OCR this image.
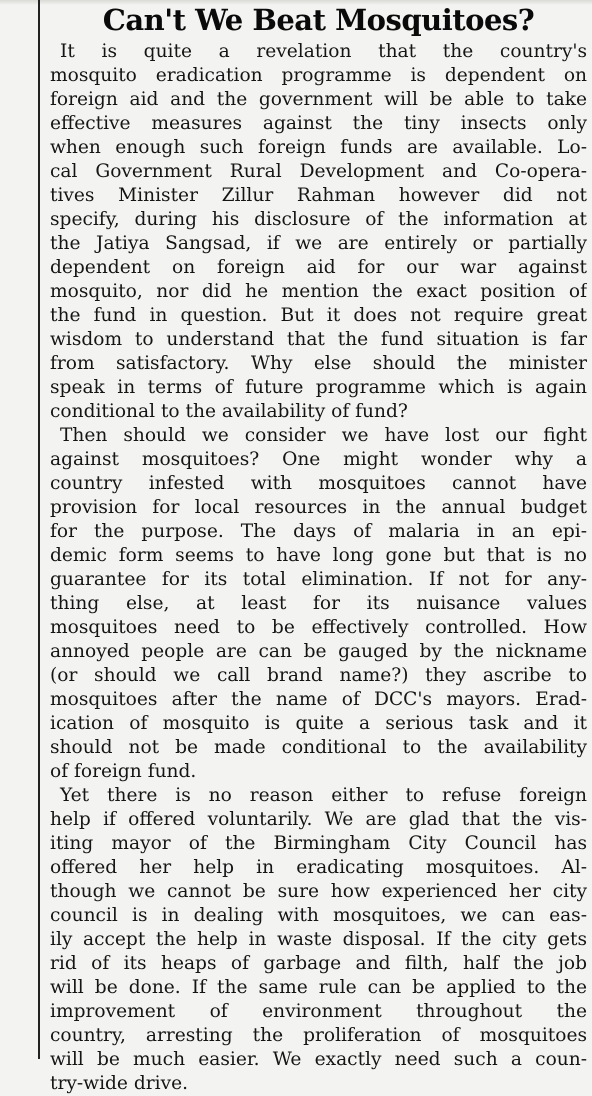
Can't We Beat Mosquitoes?
It is quite a revelation that the country's
mosquito eradication programme is dependent on
foreign aid and the government will be able to take
effective measures against the tiny insects only
when enough such foreign funds are available. Lo-
cal Government Rural Development and Co-opera-
tives Minister Zillur Rahman however did not
specify, during his disclosure of the information at
the Jatiya Sangsad, if we are entirely or partially
dependent on foreign aid for our war against
mosquito, nor did he mention the exact position of
the fund in question. But it does not require great
wisdom to understand that the fund situation is far
from satisfactory. Why else should the minister
speak in terms of future programme which is again
conditional to the availability of fund?
Then should we consider we have lost our fight
against mosquitoes? One might wonder why a
country infested with mosquitoes cannot have
provision for local resources in the annual budget
for the purpose. The days of malaria in an epi-
demic form seems to have long gone but that is no
guarantee for its total elimination. If not for any-
thing else, at least for its nuisance values
mosquitoes need to be effectively controlled. How
annoyed people are can be gauged by the nickname
(or should we call brand name?) they ascribe to
mosquitoes after the name of DCC's mayors. Erad-
ication of mosquito is quite a serious task and it
should not be made conditional to the availability
of foreign fund.
Yet there is no reason either to refuse foreign
help if offered voluntarily. We are glad that the vis-
iting mayor of the Birmingham City Council has
offered her help in eradicating mosquitoes. Al-
though we cannot be sure how experienced her city
council is in dealing with mosquitoes, we can eas-
ily accept the help in waste disposal. If the city gets
rid of its heaps of garbage and filth, half the job
will be done. If the same rule can be applied to the
improvement of environment throughout the
country, arresting the proliferation of mosquitoes
will be much easier. We exactly need such a coun-
try-wide drive.
